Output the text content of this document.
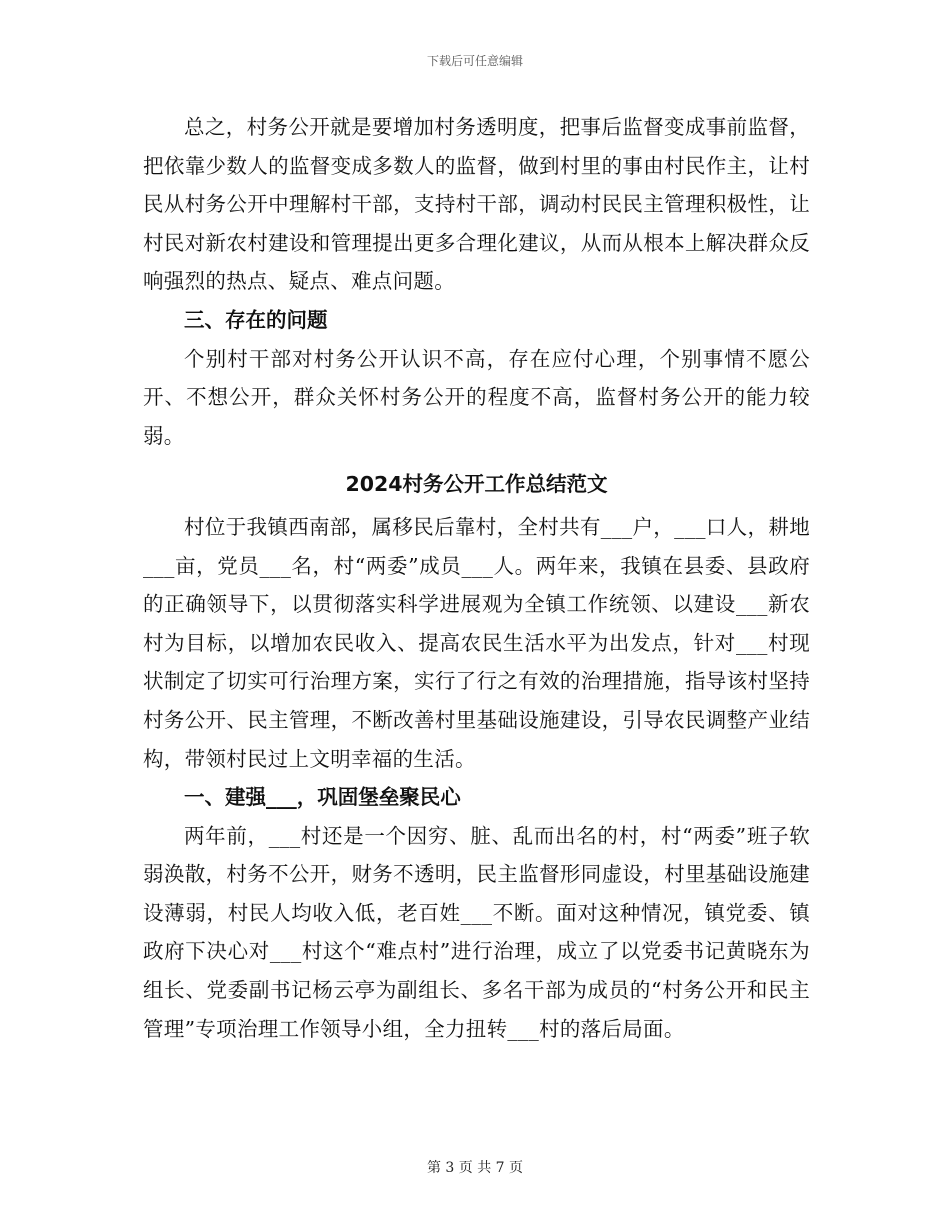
下载后可任意编辑

总之，村务公开就是要增加村务透明度，把事后监督变成事前监督，把依靠少数人的监督变成多数人的监督，做到村里的事由村民作主，让村民从村务公开中理解村干部，支持村干部，调动村民民主管理积极性，让村民对新农村建设和管理提出更多合理化建议，从而从根本上解决群众反响强烈的热点、疑点、难点问题。

三、存在的问题

个别村干部对村务公开认识不高，存在应付心理，个别事情不愿公开、不想公开，群众关怀村务公开的程度不高，监督村务公开的能力较弱。

2024村务公开工作总结范文

村位于我镇西南部，属移民后靠村，全村共有___户，___口人，耕地___亩，党员___名，村“两委”成员___人。两年来，我镇在县委、县政府的正确领导下，以贯彻落实科学进展观为全镇工作统领、以建设___新农村为目标，以增加农民收入、提高农民生活水平为出发点，针对___村现状制定了切实可行治理方案，实行了行之有效的治理措施，指导该村坚持村务公开、民主管理，不断改善村里基础设施建设，引导农民调整产业结构，带领村民过上文明幸福的生活。

一、建强___，巩固堡垒聚民心

两年前，___村还是一个因穷、脏、乱而出名的村，村“两委”班子软弱涣散，村务不公开，财务不透明，民主监督形同虚设，村里基础设施建设薄弱，村民人均收入低，老百姓___不断。面对这种情况，镇党委、镇政府下决心对___村这个“难点村”进行治理，成立了以党委书记黄晓东为组长、党委副书记杨云亭为副组长、多名干部为成员的“村务公开和民主管理”专项治理工作领导小组，全力扭转___村的落后局面。

第 3 页 共 7 页
